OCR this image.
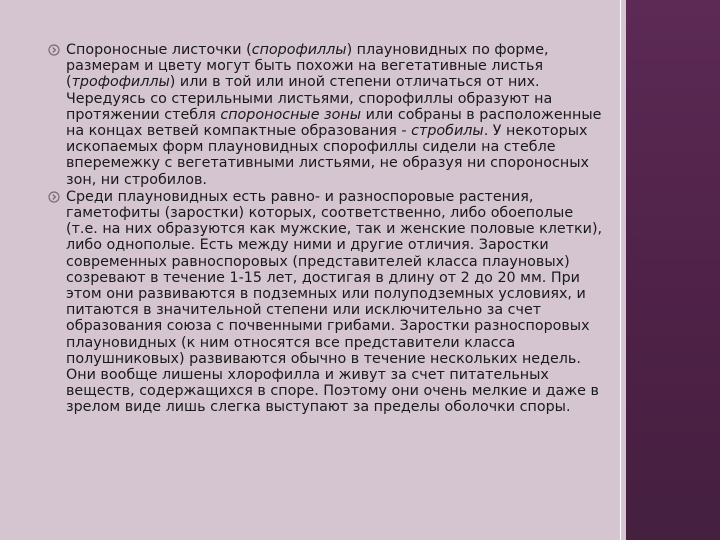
Спороносные листочки (спорофиллы) плауновидных по форме, размерам и цвету могут быть похожи на вегетативные листья (трофофиллы) или в той или иной степени отличаться от них. Чередуясь со стерильными листьями, спорофиллы образуют на протяжении стебля спороносные зоны или собраны в расположенные на концах ветвей компактные образования - стробилы. У некоторых ископаемых форм плауновидных спорофиллы сидели на стебле вперемежку с вегетативными листьями, не образуя ни спороносных зон, ни стробилов.
Среди плауновидных есть равно- и разноспоровые растения, гаметофиты (заростки) которых, соответственно, либо обоеполые (т.е. на них образуются как мужские, так и женские половые клетки), либо однополые. Есть между ними и другие отличия. Заростки современных равноспоровых (представителей класса плауновых) созревают в течение 1-15 лет, достигая в длину от 2 до 20 мм. При этом они развиваются в подземных или полуподземных условиях, и питаются в значительной степени или исключительно за счет образования союза с почвенными грибами. Заростки разноспоровых плауновидных (к ним относятся все представители класса полушниковых) развиваются обычно в течение нескольких недель. Они вообще лишены хлорофилла и живут за счет питательных веществ, содержащихся в споре. Поэтому они очень мелкие и даже в зрелом виде лишь слегка выступают за пределы оболочки споры.
